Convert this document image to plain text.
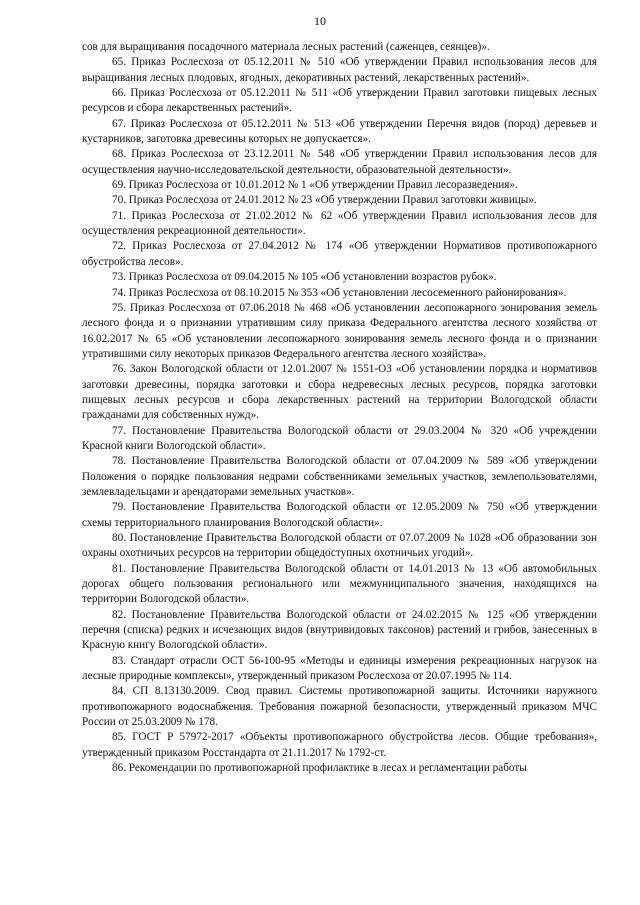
10

сов для выращивания посадочного материала лесных растений (саженцев, сеянцев)».

65. Приказ Рослесхоза от 05.12.2011 № 510 «Об утверждении Правил использования лесов для выращивания лесных плодовых, ягодных, декоративных растений, лекарственных растений».

66. Приказ Рослесхоза от 05.12.2011 № 511 «Об утверждении Правил заготовки пищевых лесных ресурсов и сбора лекарственных растений».

67. Приказ Рослесхоза от 05.12.2011 № 513 «Об утверждении Перечня видов (пород) деревьев и кустарников, заготовка древесины которых не допускается».

68. Приказ Рослесхоза от 23.12.2011 № 548 «Об утверждении Правил использования лесов для осуществления научно-исследовательской деятельности, образовательной деятельности».

69. Приказ Рослесхоза от 10.01.2012 № 1 «Об утверждении Правил лесоразведения».

70. Приказ Рослесхоза от 24.01.2012 № 23 «Об утверждении Правил заготовки живицы».

71. Приказ Рослесхоза от 21.02.2012 № 62 «Об утверждении Правил использования лесов для осуществления рекреационной деятельности».

72. Приказ Рослесхоза от 27.04.2012 № 174 «Об утверждении Нормативов противопожарного обустройства лесов».

73. Приказ Рослесхоза от 09.04.2015 № 105 «Об установлении возрастов рубок».

74. Приказ Рослесхоза от 08.10.2015 № 353 «Об установлении лесосеменного районирования».

75. Приказ Рослесхоза от 07.06.2018 № 468 «Об установлении лесопожарного зонирования земель лесного фонда и о признании утратившим силу приказа Федерального агентства лесного хозяйства от 16.02.2017 № 65 «Об установлении лесопожарного зонирования земель лесного фонда и о признании утратившими силу некоторых приказов Федерального агентства лесного хозяйства».

76. Закон Вологодской области от 12.01.2007 № 1551-ОЗ «Об установлении порядка и нормативов заготовки древесины, порядка заготовки и сбора недревесных лесных ресурсов, порядка заготовки пищевых лесных ресурсов и сбора лекарственных растений на территории Вологодской области гражданами для собственных нужд».

77. Постановление Правительства Вологодской области от 29.03.2004 № 320 «Об учреждении Красной книги Вологодской области».

78. Постановление Правительства Вологодской области от 07.04.2009 № 589 «Об утверждении Положения о порядке пользования недрами собственниками земельных участков, землепользователями, землевладельцами и арендаторами земельных участков».

79. Постановление Правительства Вологодской области от 12.05.2009 № 750 «Об утверждении схемы территориального планирования Вологодской области».

80. Постановление Правительства Вологодской области от 07.07.2009 № 1028 «Об образовании зон охраны охотничьих ресурсов на территории общедоступных охотничьих угодий».

81. Постановление Правительства Вологодской области от 14.01.2013 № 13 «Об автомобильных дорогах общего пользования регионального или межмуниципального значения, находящихся на территории Вологодской области».

82. Постановление Правительства Вологодской области от 24.02.2015 № 125 «Об утверждении перечня (списка) редких и исчезающих видов (внутривидовых таксонов) растений и грибов, занесенных в Красную книгу Вологодской области».

83. Стандарт отрасли ОСТ 56-100-95 «Методы и единицы измерения рекреационных нагрузок на лесные природные комплексы», утвержденный приказом Рослесхоза от 20.07.1995 № 114.

84. СП 8.13130.2009. Свод правил. Системы противопожарной защиты. Источники наружного противопожарного водоснабжения. Требования пожарной безопасности, утвержденный приказом МЧС России от 25.03.2009 № 178.

85. ГОСТ Р 57972-2017 «Объекты противопожарного обустройства лесов. Общие требования», утвержденный приказом Росстандарта от 21.11.2017 № 1792-ст.

86. Рекомендации по противопожарной профилактике в лесах и регламентации работы
